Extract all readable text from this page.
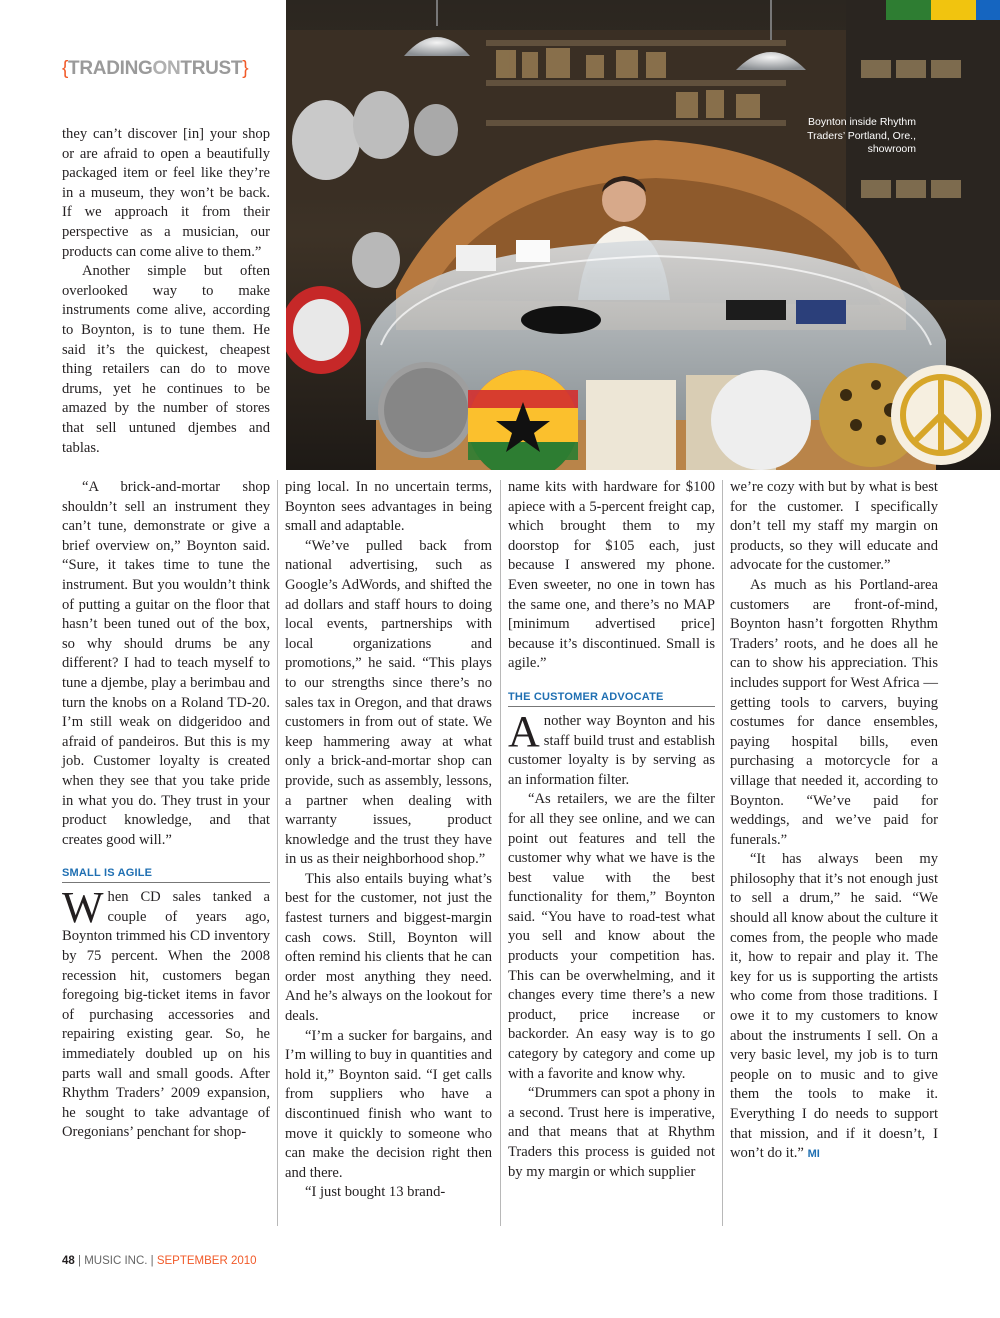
{TRADINGONTRUST}
Boynton inside Rhythm Traders’ Portland, Ore., showroom

they can’t discover [in] your shop or are afraid to open a beautifully packaged item or feel like they’re in a museum, they won’t be back. If we approach it from their perspective as a musician, our products can come alive to them.”

Another simple but often overlooked way to make instruments come alive, according to Boynton, is to tune them. He said it’s the quickest, cheapest thing retailers can do to move drums, yet he continues to be amazed by the number of stores that sell untuned djembes and tablas.

“A brick-and-mortar shop shouldn’t sell an instrument they can’t tune, demonstrate or give a brief overview on,” Boynton said. “Sure, it takes time to tune the instrument. But you wouldn’t think of putting a guitar on the floor that hasn’t been tuned out of the box, so why should drums be any different? I had to teach myself to tune a djembe, play a berimbau and turn the knobs on a Roland TD-20. I’m still weak on didgeridoo and afraid of pandeiros. But this is my job. Customer loyalty is created when they see that you take pride in what you do. They trust in your product knowledge, and that creates good will.”

SMALL IS AGILE

When CD sales tanked a couple of years ago, Boynton trimmed his CD inventory by 75 percent. When the 2008 recession hit, customers began foregoing big-ticket items in favor of purchasing accessories and repairing existing gear. So, he immediately doubled up on his parts wall and small goods. After Rhythm Traders’ 2009 expansion, he sought to take advantage of Oregonians’ penchant for shop-

ping local. In no uncertain terms, Boynton sees advantages in being small and adaptable.

“We’ve pulled back from national advertising, such as Google’s AdWords, and shifted the ad dollars and staff hours to doing local events, partnerships with local organizations and promotions,” he said. “This plays to our strengths since there’s no sales tax in Oregon, and that draws customers in from out of state. We keep hammering away at what only a brick-and-mortar shop can provide, such as assembly, lessons, a partner when dealing with warranty issues, product knowledge and the trust they have in us as their neighborhood shop.”

This also entails buying what’s best for the customer, not just the fastest turners and biggest-margin cash cows. Still, Boynton will often remind his clients that he can order most anything they need. And he’s always on the lookout for deals.

“I’m a sucker for bargains, and I’m willing to buy in quantities and hold it,” Boynton said. “I get calls from suppliers who have a discontinued finish who want to move it quickly to someone who can make the decision right then and there.

“I just bought 13 brand-

name kits with hardware for $100 apiece with a 5-percent freight cap, which brought them to my doorstop for $105 each, just because I answered my phone. Even sweeter, no one in town has the same one, and there’s no MAP [minimum advertised price] because it’s discontinued. Small is agile.”

THE CUSTOMER ADVOCATE

Another way Boynton and his staff build trust and establish customer loyalty is by serving as an information filter.

“As retailers, we are the filter for all they see online, and we can point out features and tell the customer why what we have is the best value with the best functionality for them,” Boynton said. “You have to road-test what you sell and know about the products your competition has. This can be overwhelming, and it changes every time there’s a new product, price increase or backorder. An easy way is to go category by category and come up with a favorite and know why.

“Drummers can spot a phony in a second. Trust here is imperative, and that means that at Rhythm Traders this process is guided not by my margin or which supplier

we’re cozy with but by what is best for the customer. I specifically don’t tell my staff my margin on products, so they will educate and advocate for the customer.”

As much as his Portland-area customers are front-of-mind, Boynton hasn’t forgotten Rhythm Traders’ roots, and he does all he can to show his appreciation. This includes support for West Africa — getting tools to carvers, buying costumes for dance ensembles, paying hospital bills, even purchasing a motorcycle for a village that needed it, according to Boynton. “We’ve paid for weddings, and we’ve paid for funerals.”

“It has always been my philosophy that it’s not enough just to sell a drum,” he said. “We should all know about the culture it comes from, the people who made it, how to repair and play it. The key for us is supporting the artists who come from those traditions. I owe it to my customers to know about the instruments I sell. On a very basic level, my job is to turn people on to music and to give them the tools to make it. Everything I do needs to support that mission, and if it doesn’t, I won’t do it.” MI

48 | MUSIC INC. | SEPTEMBER 2010
